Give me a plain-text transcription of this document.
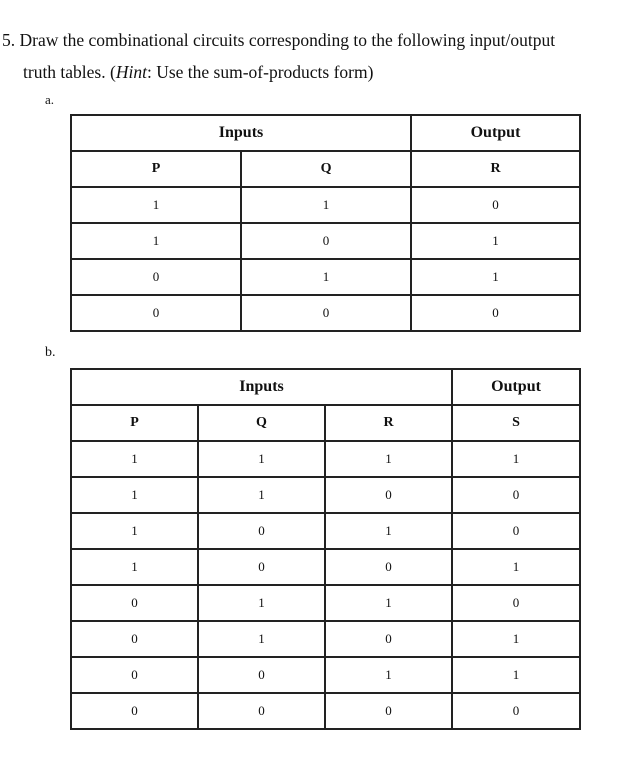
5. Draw the combinational circuits corresponding to the following input/output
truth tables. (Hint: Use the sum-of-products form)
a.
Inputs		Output
P	Q	R
1	1	0
1	0	1
0	1	1
0	0	0
b.
Inputs			Output
P	Q	R	S
1	1	1	1
1	1	0	0
1	0	1	0
1	0	0	1
0	1	1	0
0	1	0	1
0	0	1	1
0	0	0	0
